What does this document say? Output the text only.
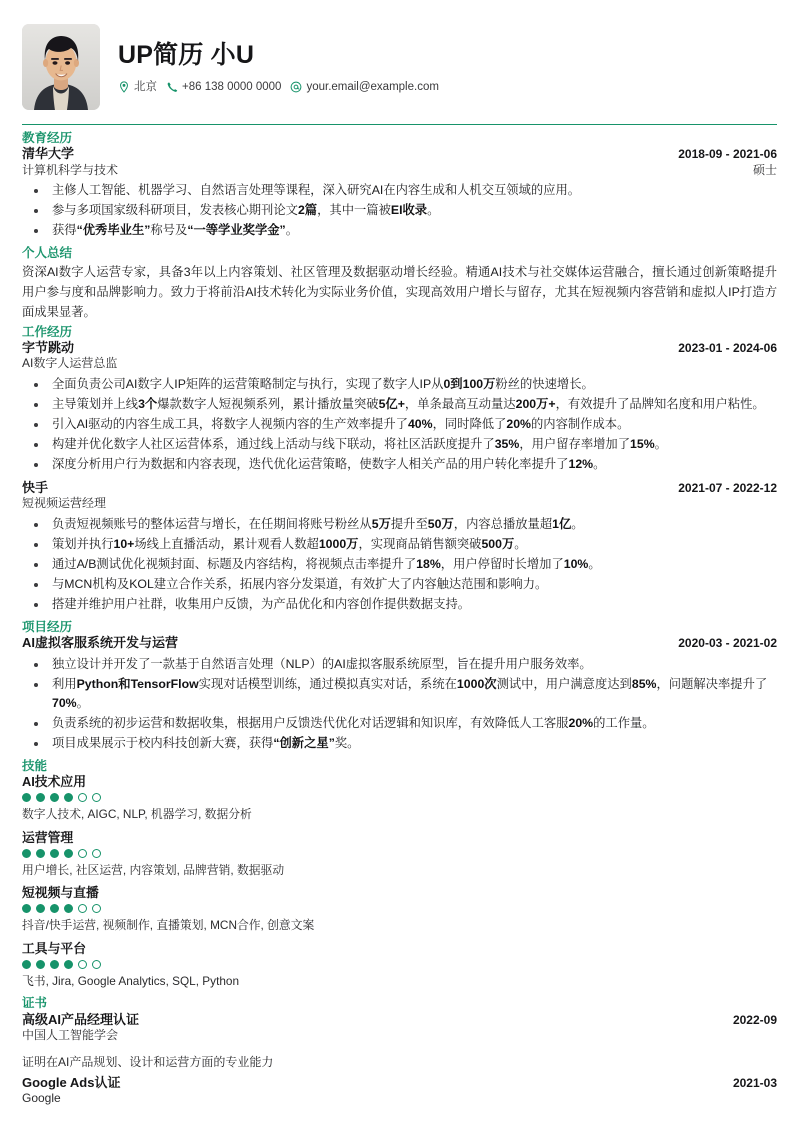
UP简历 小U
北京 +86 138 0000 0000 your.email@example.com
教育经历
清华大学	2018-09 - 2021-06
计算机科学与技术	硕士
主修人工智能、机器学习、自然语言处理等课程，深入研究AI在内容生成和人机交互领域的应用。
参与多项国家级科研项目，发表核心期刊论文2篇，其中一篇被EI收录。
获得“优秀毕业生”称号及“一等学业奖学金”。
个人总结

资深AI数字人运营专家，具备3年以上内容策划、社区管理及数据驱动增长经验。精通AI技术与社交媒体运营融合，擅长通过创新策略提升用户参与度和品牌影响力。致力于将前沿AI技术转化为实际业务价值，实现高效用户增长与留存，尤其在短视频内容营销和虚拟人IP打造方面成果显著。

工作经历
字节跳动	2023-01 - 2024-06
AI数字人运营总监
全面负责公司AI数字人IP矩阵的运营策略制定与执行，实现了数字人IP从0到100万粉丝的快速增长。
主导策划并上线3个爆款数字人短视频系列，累计播放量突破5亿+，单条最高互动量达200万+，有效提升了品牌知名度和用户粘性。
引入AI驱动的内容生成工具，将数字人视频内容的生产效率提升了40%，同时降低了20%的内容制作成本。
构建并优化数字人社区运营体系，通过线上活动与线下联动，将社区活跃度提升了35%，用户留存率增加了15%。
深度分析用户行为数据和内容表现，迭代优化运营策略，使数字人相关产品的用户转化率提升了12%。
快手	2021-07 - 2022-12
短视频运营经理
负责短视频账号的整体运营与增长，在任期间将账号粉丝从5万提升至50万，内容总播放量超1亿。
策划并执行10+场线上直播活动，累计观看人数超1000万，实现商品销售额突破500万。
通过A/B测试优化视频封面、标题及内容结构，将视频点击率提升了18%，用户停留时长增加了10%。
与MCN机构及KOL建立合作关系，拓展内容分发渠道，有效扩大了内容触达范围和影响力。
搭建并维护用户社群，收集用户反馈，为产品优化和内容创作提供数据支持。
项目经历
AI虚拟客服系统开发与运营	2020-03 - 2021-02
独立设计并开发了一款基于自然语言处理（NLP）的AI虚拟客服系统原型，旨在提升用户服务效率。
利用Python和TensorFlow实现对话模型训练，通过模拟真实对话，系统在1000次测试中，用户满意度达到85%，问题解决率提升了70%。
负责系统的初步运营和数据收集，根据用户反馈迭代优化对话逻辑和知识库，有效降低人工客服20%的工作量。
项目成果展示于校内科技创新大赛，获得“创新之星”奖。
技能
AI技术应用
数字人技术, AIGC, NLP, 机器学习, 数据分析
运营管理
用户增长, 社区运营, 内容策划, 品牌营销, 数据驱动
短视频与直播
抖音/快手运营, 视频制作, 直播策划, MCN合作, 创意文案
工具与平台
飞书, Jira, Google Analytics, SQL, Python
证书
高级AI产品经理认证	2022-09
中国人工智能学会
证明在AI产品规划、设计和运营方面的专业能力
Google Ads认证	2021-03
Google
